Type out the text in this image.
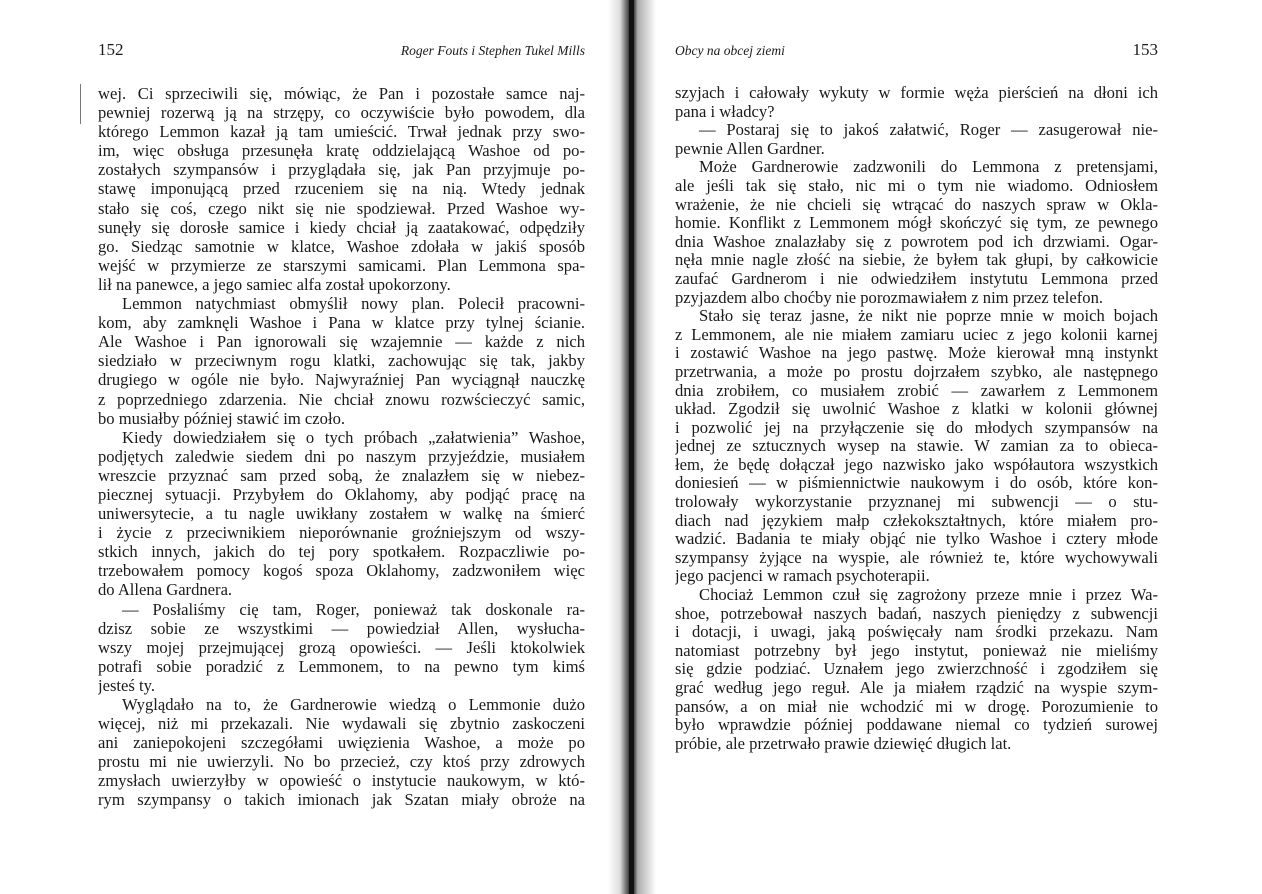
152	Roger Fouts i Stephen Tukel Mills
wej. Ci sprzeciwili się, mówiąc, że Pan i pozostałe samce naj-
pewniej rozerwą ją na strzępy, co oczywiście było powodem, dla
którego Lemmon kazał ją tam umieścić. Trwał jednak przy swo-
im, więc obsługa przesunęła kratę oddzielającą Washoe od po-
zostałych szympansów i przyglądała się, jak Pan przyjmuje po-
stawę imponującą przed rzuceniem się na nią. Wtedy jednak
stało się coś, czego nikt się nie spodziewał. Przed Washoe wy-
sunęły się dorosłe samice i kiedy chciał ją zaatakować, odpędziły
go. Siedząc samotnie w klatce, Washoe zdołała w jakiś sposób
wejść w przymierze ze starszymi samicami. Plan Lemmona spa-
lił na panewce, a jego samiec alfa został upokorzony.
Lemmon natychmiast obmyślił nowy plan. Polecił pracowni-
kom, aby zamknęli Washoe i Pana w klatce przy tylnej ścianie.
Ale Washoe i Pan ignorowali się wzajemnie — każde z nich
siedziało w przeciwnym rogu klatki, zachowując się tak, jakby
drugiego w ogóle nie było. Najwyraźniej Pan wyciągnął nauczkę
z poprzedniego zdarzenia. Nie chciał znowu rozwścieczyć samic,
bo musiałby później stawić im czoło.
Kiedy dowiedziałem się o tych próbach „załatwienia” Washoe,
podjętych zaledwie siedem dni po naszym przyjeździe, musiałem
wreszcie przyznać sam przed sobą, że znalazłem się w niebez-
piecznej sytuacji. Przybyłem do Oklahomy, aby podjąć pracę na
uniwersytecie, a tu nagle uwikłany zostałem w walkę na śmierć
i życie z przeciwnikiem nieporównanie groźniejszym od wszy-
stkich innych, jakich do tej pory spotkałem. Rozpaczliwie po-
trzebowałem pomocy kogoś spoza Oklahomy, zadzwoniłem więc
do Allena Gardnera.
— Posłaliśmy cię tam, Roger, ponieważ tak doskonale ra-
dzisz sobie ze wszystkimi — powiedział Allen, wysłucha-
wszy mojej przejmującej grozą opowieści. — Jeśli ktokolwiek
potrafi sobie poradzić z Lemmonem, to na pewno tym kimś
jesteś ty.
Wyglądało na to, że Gardnerowie wiedzą o Lemmonie dużo
więcej, niż mi przekazali. Nie wydawali się zbytnio zaskoczeni
ani zaniepokojeni szczegółami uwięzienia Washoe, a może po
prostu mi nie uwierzyli. No bo przecież, czy ktoś przy zdrowych
zmysłach uwierzyłby w opowieść o instytucie naukowym, w któ-
rym szympansy o takich imionach jak Szatan miały obroże na
Obcy na obcej ziemi	153
szyjach i całowały wykuty w formie węża pierścień na dłoni ich
pana i władcy?
— Postaraj się to jakoś załatwić, Roger — zasugerował nie-
pewnie Allen Gardner.
Może Gardnerowie zadzwonili do Lemmona z pretensjami,
ale jeśli tak się stało, nic mi o tym nie wiadomo. Odniosłem
wrażenie, że nie chcieli się wtrącać do naszych spraw w Okla-
homie. Konflikt z Lemmonem mógł skończyć się tym, ze pewnego
dnia Washoe znalazłaby się z powrotem pod ich drzwiami. Ogar-
nęła mnie nagle złość na siebie, że byłem tak głupi, by całkowicie
zaufać Gardnerom i nie odwiedziłem instytutu Lemmona przed
pzyjazdem albo choćby nie porozmawiałem z nim przez telefon.
Stało się teraz jasne, że nikt nie poprze mnie w moich bojach
z Lemmonem, ale nie miałem zamiaru uciec z jego kolonii karnej
i zostawić Washoe na jego pastwę. Może kierował mną instynkt
przetrwania, a może po prostu dojrzałem szybko, ale następnego
dnia zrobiłem, co musiałem zrobić — zawarłem z Lemmonem
układ. Zgodził się uwolnić Washoe z klatki w kolonii głównej
i pozwolić jej na przyłączenie się do młodych szympansów na
jednej ze sztucznych wysep na stawie. W zamian za to obieca-
łem, że będę dołączał jego nazwisko jako współautora wszystkich
doniesień — w piśmiennictwie naukowym i do osób, które kon-
trolowały wykorzystanie przyznanej mi subwencji — o stu-
diach nad językiem małp człekokształtnych, które miałem pro-
wadzić. Badania te miały objąć nie tylko Washoe i cztery młode
szympansy żyjące na wyspie, ale również te, które wychowywali
jego pacjenci w ramach psychoterapii.
Chociaż Lemmon czuł się zagrożony przeze mnie i przez Wa-
shoe, potrzebował naszych badań, naszych pieniędzy z subwencji
i dotacji, i uwagi, jaką poświęcały nam środki przekazu. Nam
natomiast potrzebny był jego instytut, ponieważ nie mieliśmy
się gdzie podziać. Uznałem jego zwierzchność i zgodziłem się
grać według jego reguł. Ale ja miałem rządzić na wyspie szym-
pansów, a on miał nie wchodzić mi w drogę. Porozumienie to
było wprawdzie później poddawane niemal co tydzień surowej
próbie, ale przetrwało prawie dziewięć długich lat.
